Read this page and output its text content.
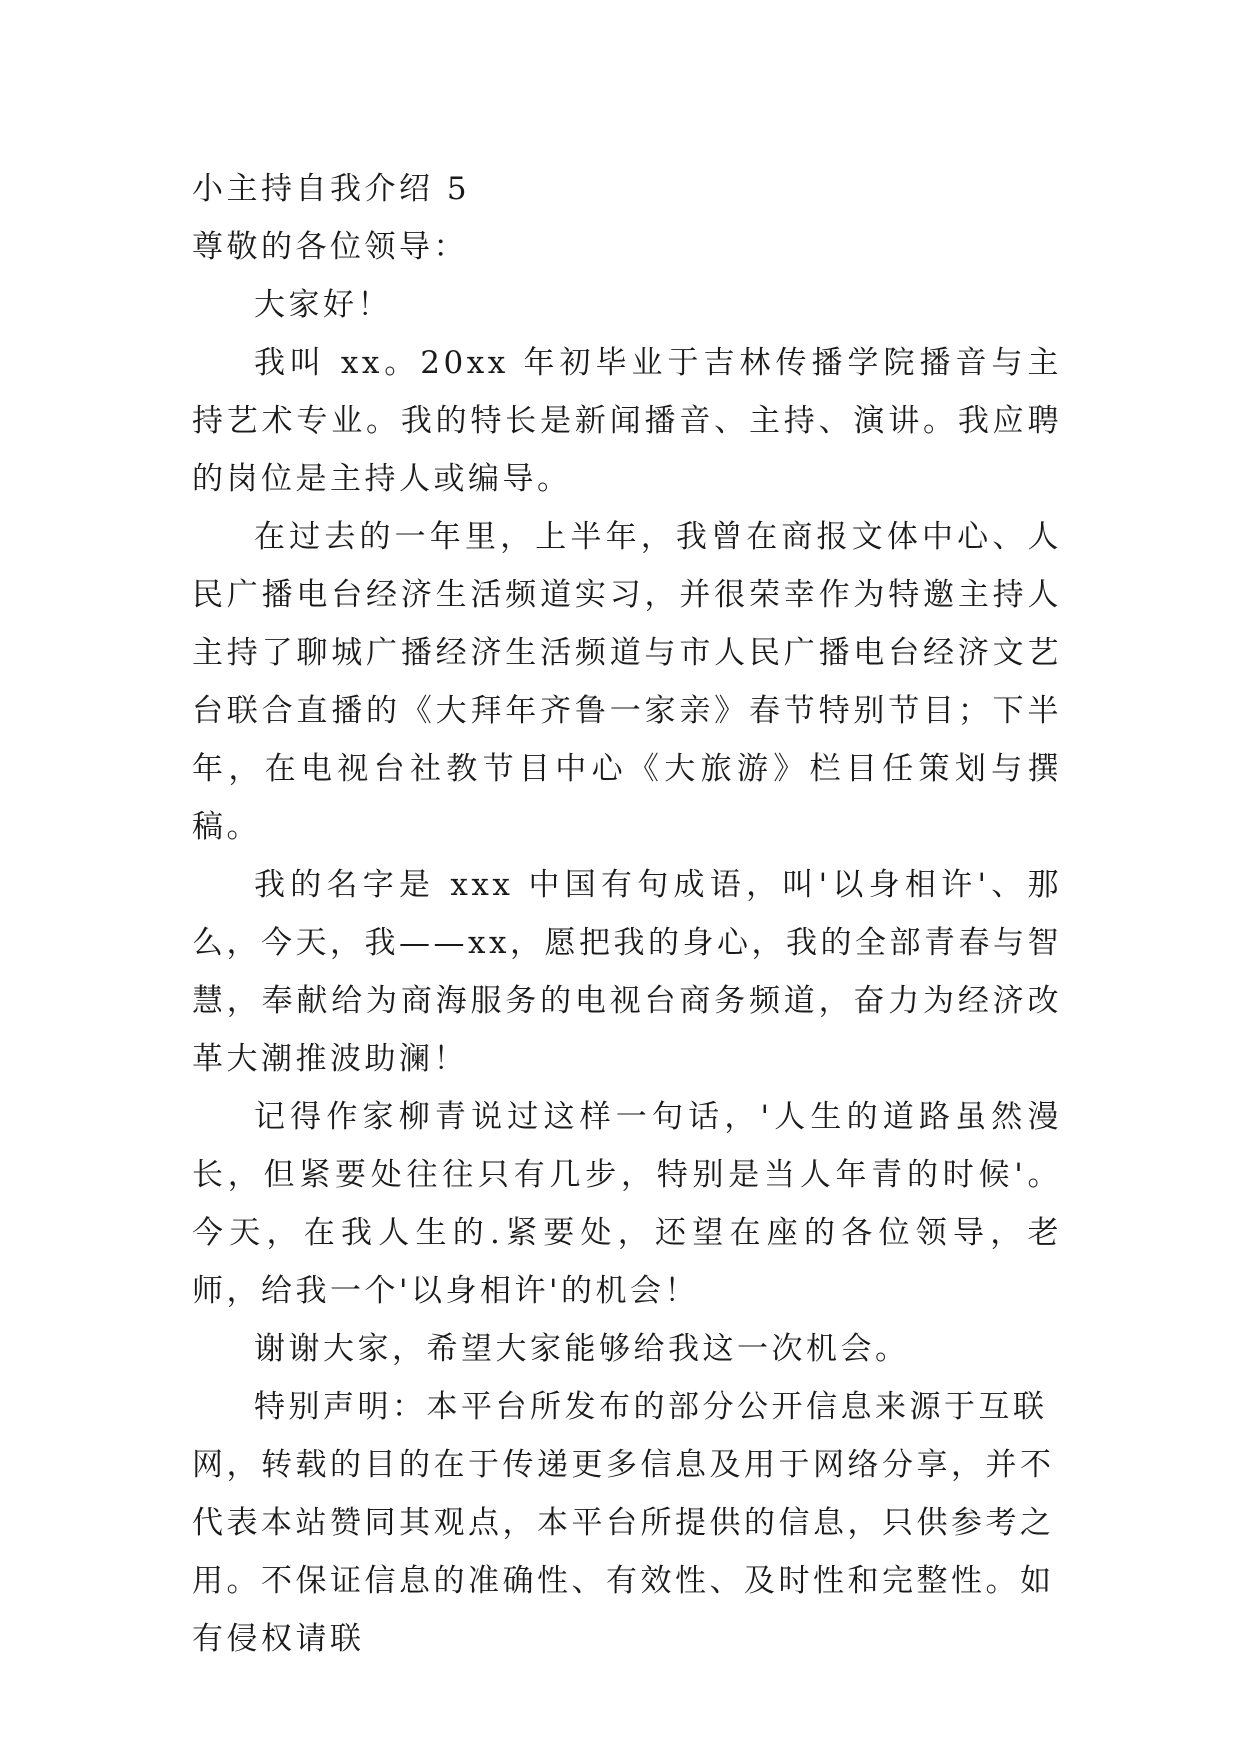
小主持自我介绍 5
尊敬的各位领导：

大家好！

我叫 xx。20xx 年初毕业于吉林传播学院播音与主持艺术专业。我的特长是新闻播音、主持、演讲。我应聘的岗位是主持人或编导。

在过去的一年里，上半年，我曾在商报文体中心、人民广播电台经济生活频道实习，并很荣幸作为特邀主持人主持了聊城广播经济生活频道与市人民广播电台经济文艺台联合直播的《大拜年齐鲁一家亲》春节特别节目；下半年，在电视台社教节目中心《大旅游》栏目任策划与撰稿。

我的名字是 xxx 中国有句成语，叫'以身相许'、那么，今天，我——xx，愿把我的身心，我的全部青春与智慧，奉献给为商海服务的电视台商务频道，奋力为经济改革大潮推波助澜！

记得作家柳青说过这样一句话，'人生的道路虽然漫长，但紧要处往往只有几步，特别是当人年青的时候'。今天，在我人生的.紧要处，还望在座的各位领导，老师，给我一个'以身相许'的机会！

谢谢大家，希望大家能够给我这一次机会。

特别声明：本平台所发布的部分公开信息来源于互联网，转载的目的在于传递更多信息及用于网络分享，并不代表本站赞同其观点，本平台所提供的信息，只供参考之用。不保证信息的准确性、有效性、及时性和完整性。如有侵权请联
